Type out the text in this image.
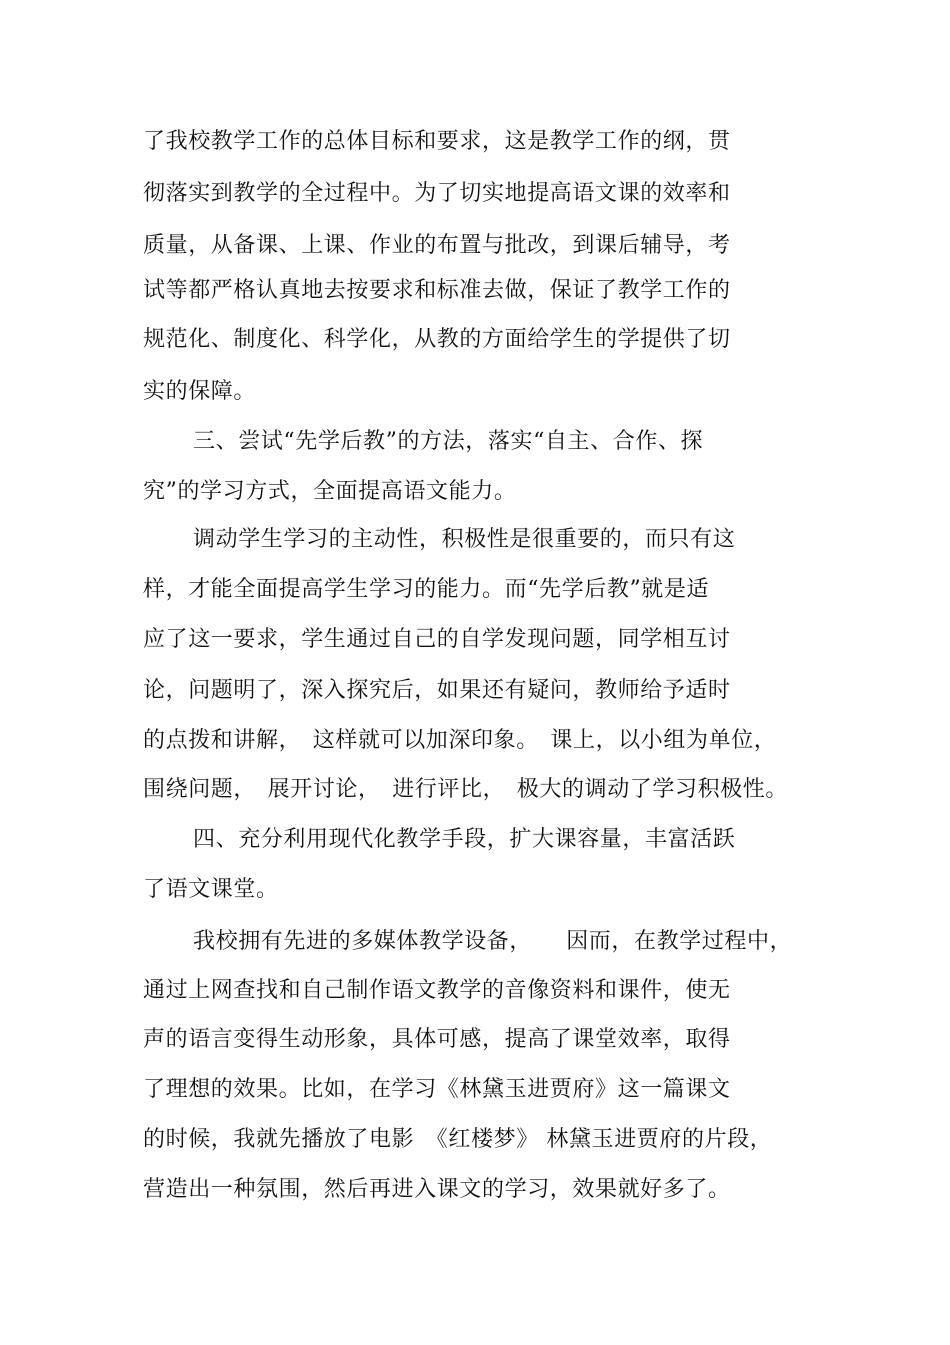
了我校教学工作的总体目标和要求，这是教学工作的纲，贯
彻落实到教学的全过程中。为了切实地提高语文课的效率和
质量，从备课、上课、作业的布置与批改，到课后辅导，考
试等都严格认真地去按要求和标准去做，保证了教学工作的
规范化、制度化、科学化，从教的方面给学生的学提供了切
实的保障。
三、尝试“先学后教”的方法，落实“自主、合作、探
究”的学习方式，全面提高语文能力。
调动学生学习的主动性，积极性是很重要的，而只有这
样，才能全面提高学生学习的能力。而“先学后教”就是适
应了这一要求，学生通过自己的自学发现问题，同学相互讨
论，问题明了，深入探究后，如果还有疑问，教师给予适时
的点拨和讲解，　这样就可以加深印象。　课上，以小组为单位，
围绕问题，　展开讨论，　进行评比，　极大的调动了学习积极性。
四、充分利用现代化教学手段，扩大课容量，丰富活跃
了语文课堂。
我校拥有先进的多媒体教学设备，　　因而，在教学过程中，
通过上网查找和自己制作语文教学的音像资料和课件，使无
声的语言变得生动形象，具体可感，提高了课堂效率，取得
了理想的效果。比如，在学习《林黛玉进贾府》这一篇课文
的时候，我就先播放了电影　《红楼梦》 林黛玉进贾府的片段，
营造出一种氛围，然后再进入课文的学习，效果就好多了。
